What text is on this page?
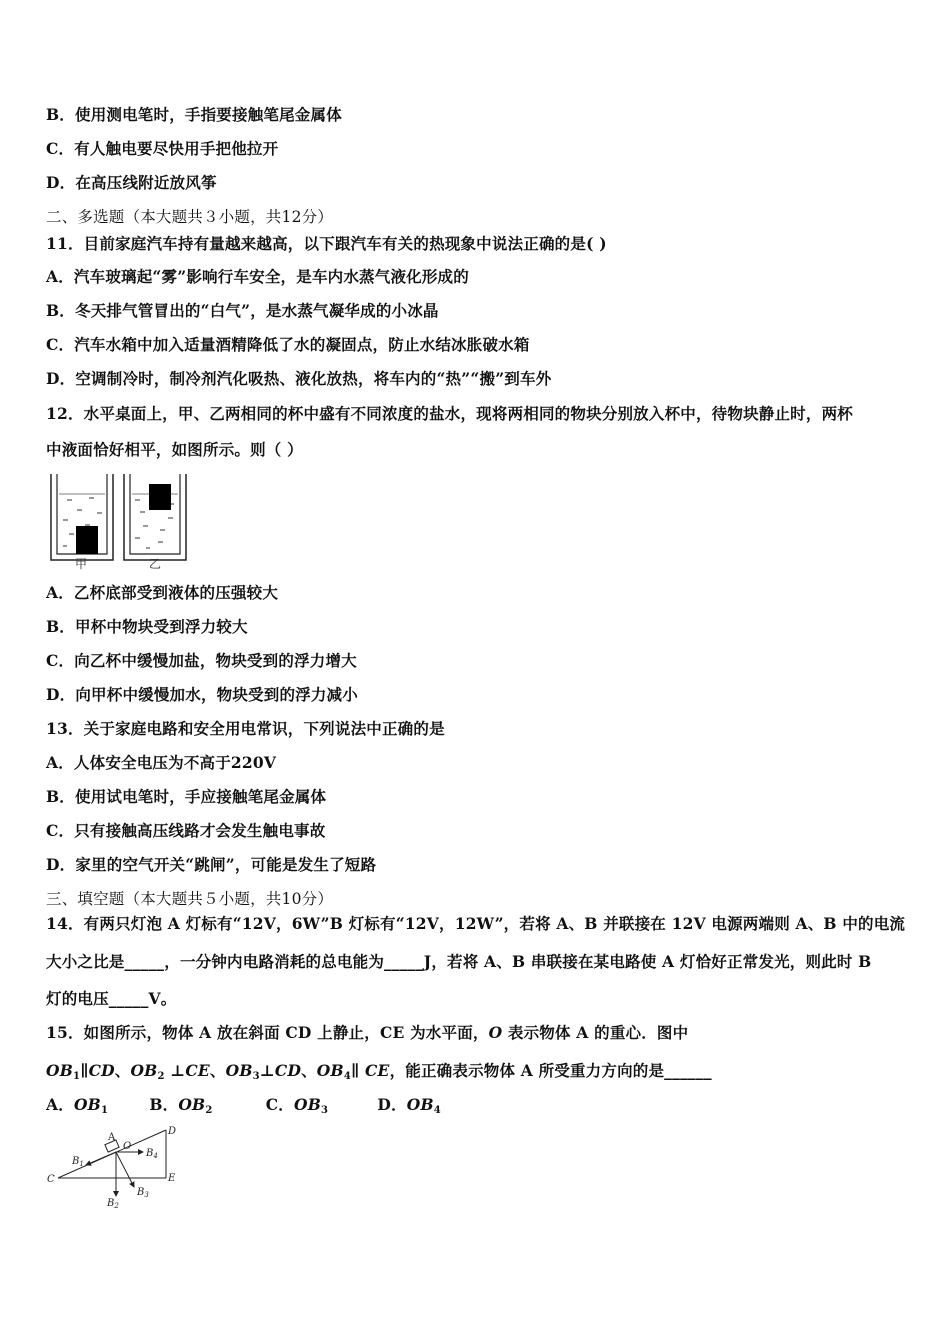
B．使用测电笔时，手指要接触笔尾金属体
C．有人触电要尽快用手把他拉开
D．在高压线附近放风筝
二、多选题（本大题共３小题，共12分）
11．目前家庭汽车持有量越来越高，以下跟汽车有关的热现象中说法正确的是( )
A．汽车玻璃起“雾”影响行车安全，是车内水蒸气液化形成的
B．冬天排气管冒出的“白气”，是水蒸气凝华成的小冰晶
C．汽车水箱中加入适量酒精降低了水的凝固点，防止水结冰胀破水箱
D．空调制冷时，制冷剂汽化吸热、液化放热，将车内的“热”“搬”到车外
12．水平桌面上，甲、乙两相同的杯中盛有不同浓度的盐水，现将两相同的物块分别放入杯中，待物块静止时，两杯
中液面恰好相平，如图所示。则（ ）
甲	乙
A．乙杯底部受到液体的压强较大
B．甲杯中物块受到浮力较大
C．向乙杯中缓慢加盐，物块受到的浮力增大
D．向甲杯中缓慢加水，物块受到的浮力减小
13．关于家庭电路和安全用电常识，下列说法中正确的是
A．人体安全电压为不高于220V
B．使用试电笔时，手应接触笔尾金属体
C．只有接触高压线路才会发生触电事故
D．家里的空气开关“跳闸”，可能是发生了短路
三、填空题（本大题共５小题，共10分）
14．有两只灯泡 A 灯标有“12V，6W”B 灯标有“12V，12W”，若将 A、B 并联接在 12V 电源两端则 A、B 中的电流
大小之比是_____，一分钟内电路消耗的总电能为_____J，若将 A、B 串联接在某电路使 A 灯恰好正常发光，则此时 B
灯的电压_____V。
15．如图所示，物体 A 放在斜面 CD 上静止，CE 为水平面，O 表示物体 A 的重心．图中
$OB_1\parallel CD$、$OB_2$ ⊥CE、$OB_3\perp CD$、$OB_4\parallel$ CE，能正确表示物体 A 所受重力方向的是______
A．$OB_1$	B．$OB_2$	C．$OB_3$	D．$OB_4$
A
O
D
C	E
$B_1$
$B_2$
$B_3$
$B_4$
